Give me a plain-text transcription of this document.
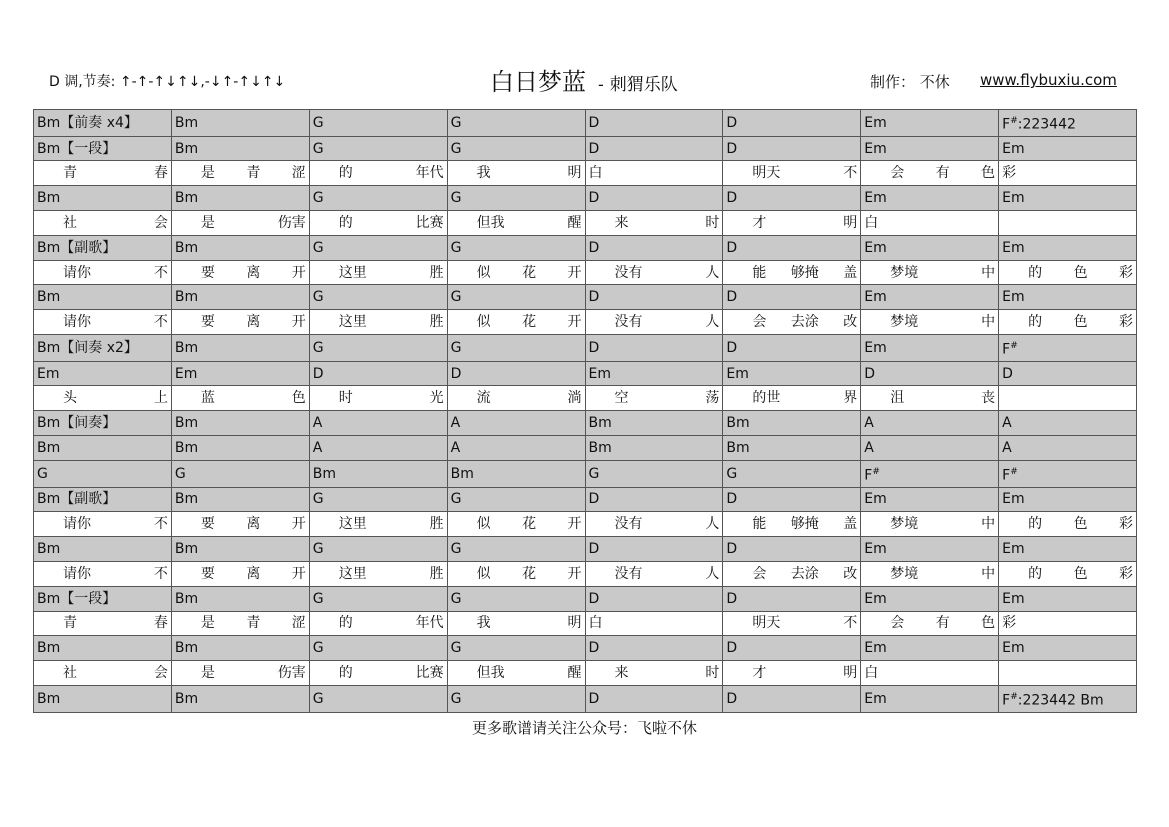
D 调,节奏: ↑-↑-↑↓↑↓,-↓↑-↑↓↑↓	白日梦蓝 - 刺猬乐队	制作： 不休 www.flybuxiu.com
Bm【前奏 x4】	Bm	G	G	D	D	Em	F#:223442
Bm【一段】	Bm	G	G	D	D	Em	Em

青 春	是 青 涩	的 年代	我 明	白	明天 不	会 有 色	彩

Bm	Bm	G	G	D	D	Em	Em

社 会	是 伤害	的 比赛	但我 醒	来 时	才 明	白	

Bm【副歌】	Bm	G	G	D	D	Em	Em

请你 不	要 离 开	这里 胜	似 花 开	没有 人	能 够掩 盖	梦境 中	的 色 彩

Bm	Bm	G	G	D	D	Em	Em

请你 不	要 离 开	这里 胜	似 花 开	没有 人	会 去涂 改	梦境 中	的 色 彩

Bm【间奏 x2】	Bm	G	G	D	D	Em	F#
Em	Em	D	D	Em	Em	D	D

头 上	蓝 色	时 光	流 淌	空 荡	的世 界	沮 丧	

Bm【间奏】	Bm	A	A	Bm	Bm	A	A
Bm	Bm	A	A	Bm	Bm	A	A
G	G	Bm	Bm	G	G	F#	F#
Bm【副歌】	Bm	G	G	D	D	Em	Em

请你 不	要 离 开	这里 胜	似 花 开	没有 人	能 够掩 盖	梦境 中	的 色 彩

Bm	Bm	G	G	D	D	Em	Em

请你 不	要 离 开	这里 胜	似 花 开	没有 人	会 去涂 改	梦境 中	的 色 彩

Bm【一段】	Bm	G	G	D	D	Em	Em

青 春	是 青 涩	的 年代	我 明	白	明天 不	会 有 色	彩

Bm	Bm	G	G	D	D	Em	Em

社 会	是 伤害	的 比赛	但我 醒	来 时	才 明	白	

Bm	Bm	G	G	D	D	Em	F#:223442 Bm
更多歌谱请关注公众号：飞啦不休
